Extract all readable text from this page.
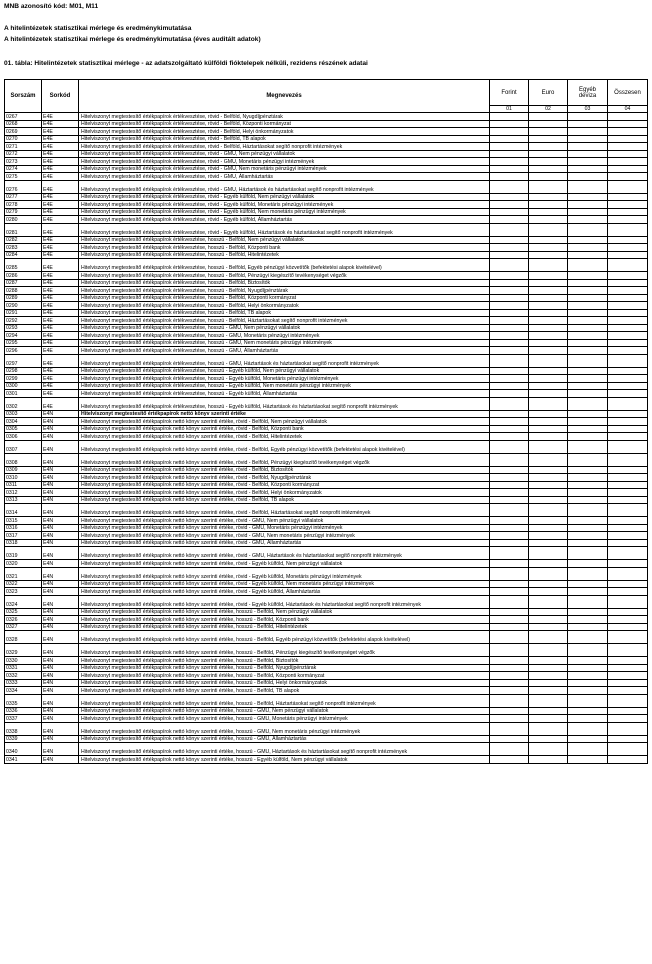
MNB azonosító kód: M01, M11
A hitelintézetek statisztikai mérlege és eredménykimutatása
A hitelintézetek statisztikai mérlege és eredménykimutatása (éves auditált adatok)
01. tábla: Hitelintézetek statisztikai mérlege - az adatszolgáltató külföldi fióktelepek nélküli, rezidens részének adatai
Sorszám	Sorkód	Megnevezés	Forint	Euro	Egyéb deviza	Összesen
			01	02	03	04
0267	E4E	Hitelviszonyt megtestesítő értékpapírok értékvesztése, rövid - Belföld, Nyugdíjpénztárak				
0268	E4E	Hitelviszonyt megtestesítő értékpapírok értékvesztése, rövid - Belföld, Központi kormányzat				
0269	E4E	Hitelviszonyt megtestesítő értékpapírok értékvesztése, rövid - Belföld, Helyi önkormányzatok				
0270	E4E	Hitelviszonyt megtestesítő értékpapírok értékvesztése, rövid - Belföld, TB alapok				
0271	E4E	Hitelviszonyt megtestesítő értékpapírok értékvesztése, rövid - Belföld, Háztartásokat segítő nonprofit intézmények				
0272	E4E	Hitelviszonyt megtestesítő értékpapírok értékvesztése, rövid - GMU, Nem pénzügyi vállalatok				
0273	E4E	Hitelviszonyt megtestesítő értékpapírok értékvesztése, rövid - GMU, Monetáris pénzügyi intézmények				
0274	E4E	Hitelviszonyt megtestesítő értékpapírok értékvesztése, rövid - GMU, Nem monetáris pénzügyi intézmények				
0275	E4E	Hitelviszonyt megtestesítő értékpapírok értékvesztése, rövid - GMU, Államháztartás				
0276	E4E	Hitelviszonyt megtestesítő értékpapírok értékvesztése, rövid - GMU, Háztartások és háztartásokat segítő nonprofit intézmények				
0277	E4E	Hitelviszonyt megtestesítő értékpapírok értékvesztése, rövid - Egyéb külföld, Nem pénzügyi vállalatok				
0278	E4E	Hitelviszonyt megtestesítő értékpapírok értékvesztése, rövid - Egyéb külföld, Monetáris pénzügyi intézmények				
0279	E4E	Hitelviszonyt megtestesítő értékpapírok értékvesztése, rövid - Egyéb külföld, Nem monetáris pénzügyi intézmények				
0280	E4E	Hitelviszonyt megtestesítő értékpapírok értékvesztése, rövid - Egyéb külföld, Államháztartás				
0281	E4E	Hitelviszonyt megtestesítő értékpapírok értékvesztése, rövid - Egyéb külföld, Háztartások és háztartásokat segítő nonprofit intézmények				
0282	E4E	Hitelviszonyt megtestesítő értékpapírok értékvesztése, hosszú - Belföld, Nem pénzügyi vállalatok				
0283	E4E	Hitelviszonyt megtestesítő értékpapírok értékvesztése, hosszú - Belföld, Központi bank				
0284	E4E	Hitelviszonyt megtestesítő értékpapírok értékvesztése, hosszú - Belföld, Hitelintézetek				
0285	E4E	Hitelviszonyt megtestesítő értékpapírok értékvesztése, hosszú - Belföld, Egyéb pénzügyi közvetítők (befektetési alapok kivételével)				
0286	E4E	Hitelviszonyt megtestesítő értékpapírok értékvesztése, hosszú - Belföld, Pénzügyi kiegészítő tevékenységet végzők				
0287	E4E	Hitelviszonyt megtestesítő értékpapírok értékvesztése, hosszú - Belföld, Biztosítók				
0288	E4E	Hitelviszonyt megtestesítő értékpapírok értékvesztése, hosszú - Belföld, Nyugdíjpénztárak				
0289	E4E	Hitelviszonyt megtestesítő értékpapírok értékvesztése, hosszú - Belföld, Központi kormányzat				
0290	E4E	Hitelviszonyt megtestesítő értékpapírok értékvesztése, hosszú - Belföld, Helyi önkormányzatok				
0291	E4E	Hitelviszonyt megtestesítő értékpapírok értékvesztése, hosszú - Belföld, TB alapok				
0292	E4E	Hitelviszonyt megtestesítő értékpapírok értékvesztése, hosszú - Belföld, Háztartásokat segítő nonprofit intézmények				
0293	E4E	Hitelviszonyt megtestesítő értékpapírok értékvesztése, hosszú - GMU, Nem pénzügyi vállalatok				
0294	E4E	Hitelviszonyt megtestesítő értékpapírok értékvesztése, hosszú - GMU, Monetáris pénzügyi intézmények				
0295	E4E	Hitelviszonyt megtestesítő értékpapírok értékvesztése, hosszú - GMU, Nem monetáris pénzügyi intézmények				
0296	E4E	Hitelviszonyt megtestesítő értékpapírok értékvesztése, hosszú - GMU, Államháztartás				
0297	E4E	Hitelviszonyt megtestesítő értékpapírok értékvesztése, hosszú - GMU, Háztartások és háztartásokat segítő nonprofit intézmények				
0298	E4E	Hitelviszonyt megtestesítő értékpapírok értékvesztése, hosszú - Egyéb külföld, Nem pénzügyi vállalatok				
0299	E4E	Hitelviszonyt megtestesítő értékpapírok értékvesztése, hosszú - Egyéb külföld, Monetáris pénzügyi intézmények				
0300	E4E	Hitelviszonyt megtestesítő értékpapírok értékvesztése, hosszú - Egyéb külföld, Nem monetáris pénzügyi intézmények				
0301	E4E	Hitelviszonyt megtestesítő értékpapírok értékvesztése, hosszú - Egyéb külföld, Államháztartás				
0302	E4E	Hitelviszonyt megtestesítő értékpapírok értékvesztése, hosszú - Egyéb külföld, Háztartások és háztartásokat segítő nonprofit intézmények				
0303	E4N	Hitelviszonyt megtestesítő értékpapírok nettó könyv szerinti értéke				
0304	E4N	Hitelviszonyt megtestesítő értékpapírok nettó könyv szerinti értéke, rövid - Belföld, Nem pénzügyi vállalatok				
0305	E4N	Hitelviszonyt megtestesítő értékpapírok nettó könyv szerinti értéke, rövid - Belföld, Központi bank				
0306	E4N	Hitelviszonyt megtestesítő értékpapírok nettó könyv szerinti értéke, rövid - Belföld, Hitelintézetek				
0307	E4N	Hitelviszonyt megtestesítő értékpapírok nettó könyv szerinti értéke, rövid - Belföld, Egyéb pénzügyi közvetítők (befektetési alapok kivételével)				
0308	E4N	Hitelviszonyt megtestesítő értékpapírok nettó könyv szerinti értéke, rövid - Belföld, Pénzügyi kiegészítő tevékenységet végzők				
0309	E4N	Hitelviszonyt megtestesítő értékpapírok nettó könyv szerinti értéke, rövid - Belföld, Biztosítók				
0310	E4N	Hitelviszonyt megtestesítő értékpapírok nettó könyv szerinti értéke, rövid - Belföld, Nyugdíjpénztárak				
0311	E4N	Hitelviszonyt megtestesítő értékpapírok nettó könyv szerinti értéke, rövid - Belföld, Központi kormányzat				
0312	E4N	Hitelviszonyt megtestesítő értékpapírok nettó könyv szerinti értéke, rövid - Belföld, Helyi önkormányzatok				
0313	E4N	Hitelviszonyt megtestesítő értékpapírok nettó könyv szerinti értéke, rövid - Belföld, TB alapok				
0314	E4N	Hitelviszonyt megtestesítő értékpapírok nettó könyv szerinti értéke, rövid - Belföld, Háztartásokat segítő nonprofit intézmények				
0315	E4N	Hitelviszonyt megtestesítő értékpapírok nettó könyv szerinti értéke, rövid - GMU, Nem pénzügyi vállalatok				
0316	E4N	Hitelviszonyt megtestesítő értékpapírok nettó könyv szerinti értéke, rövid - GMU, Monetáris pénzügyi intézmények				
0317	E4N	Hitelviszonyt megtestesítő értékpapírok nettó könyv szerinti értéke, rövid - GMU, Nem monetáris pénzügyi intézmények				
0318	E4N	Hitelviszonyt megtestesítő értékpapírok nettó könyv szerinti értéke, rövid - GMU, Államháztartás				
0319	E4N	Hitelviszonyt megtestesítő értékpapírok nettó könyv szerinti értéke, rövid - GMU, Háztartások és háztartásokat segítő nonprofit intézmények				
0320	E4N	Hitelviszonyt megtestesítő értékpapírok nettó könyv szerinti értéke, rövid - Egyéb külföld, Nem pénzügyi vállalatok				
0321	E4N	Hitelviszonyt megtestesítő értékpapírok nettó könyv szerinti értéke, rövid - Egyéb külföld, Monetáris pénzügyi intézmények				
0322	E4N	Hitelviszonyt megtestesítő értékpapírok nettó könyv szerinti értéke, rövid - Egyéb külföld, Nem monetáris pénzügyi intézmények				
0323	E4N	Hitelviszonyt megtestesítő értékpapírok nettó könyv szerinti értéke, rövid - Egyéb külföld, Államháztartás				
0324	E4N	Hitelviszonyt megtestesítő értékpapírok nettó könyv szerinti értéke, rövid - Egyéb külföld, Háztartások és háztartásokat segítő nonprofit intézmények				
0325	E4N	Hitelviszonyt megtestesítő értékpapírok nettó könyv szerinti értéke, hosszú - Belföld, Nem pénzügyi vállalatok				
0326	E4N	Hitelviszonyt megtestesítő értékpapírok nettó könyv szerinti értéke, hosszú - Belföld, Központi bank				
0327	E4N	Hitelviszonyt megtestesítő értékpapírok nettó könyv szerinti értéke, hosszú - Belföld, Hitelintézetek				
0328	E4N	Hitelviszonyt megtestesítő értékpapírok nettó könyv szerinti értéke, hosszú - Belföld, Egyéb pénzügyi közvetítők (befektetési alapok kivételével)				
0329	E4N	Hitelviszonyt megtestesítő értékpapírok nettó könyv szerinti értéke, hosszú - Belföld, Pénzügyi kiegészítő tevékenységet végzők				
0330	E4N	Hitelviszonyt megtestesítő értékpapírok nettó könyv szerinti értéke, hosszú - Belföld, Biztosítók				
0331	E4N	Hitelviszonyt megtestesítő értékpapírok nettó könyv szerinti értéke, hosszú - Belföld, Nyugdíjpénztárak				
0332	E4N	Hitelviszonyt megtestesítő értékpapírok nettó könyv szerinti értéke, hosszú - Belföld, Központi kormányzat				
0333	E4N	Hitelviszonyt megtestesítő értékpapírok nettó könyv szerinti értéke, hosszú - Belföld, Helyi önkormányzatok				
0334	E4N	Hitelviszonyt megtestesítő értékpapírok nettó könyv szerinti értéke, hosszú - Belföld, TB alapok				
0335	E4N	Hitelviszonyt megtestesítő értékpapírok nettó könyv szerinti értéke, hosszú - Belföld, Háztartásokat segítő nonprofit intézmények				
0336	E4N	Hitelviszonyt megtestesítő értékpapírok nettó könyv szerinti értéke, hosszú - GMU, Nem pénzügyi vállalatok				
0337	E4N	Hitelviszonyt megtestesítő értékpapírok nettó könyv szerinti értéke, hosszú - GMU, Monetáris pénzügyi intézmények				
0338	E4N	Hitelviszonyt megtestesítő értékpapírok nettó könyv szerinti értéke, hosszú - GMU, Nem monetáris pénzügyi intézmények				
0339	E4N	Hitelviszonyt megtestesítő értékpapírok nettó könyv szerinti értéke, hosszú - GMU, Államháztartás				
0340	E4N	Hitelviszonyt megtestesítő értékpapírok nettó könyv szerinti értéke, hosszú - GMU, Háztartások és háztartásokat segítő nonprofit intézmények				
0341	E4N	Hitelviszonyt megtestesítő értékpapírok nettó könyv szerinti értéke, hosszú - Egyéb külföld, Nem pénzügyi vállalatok				
